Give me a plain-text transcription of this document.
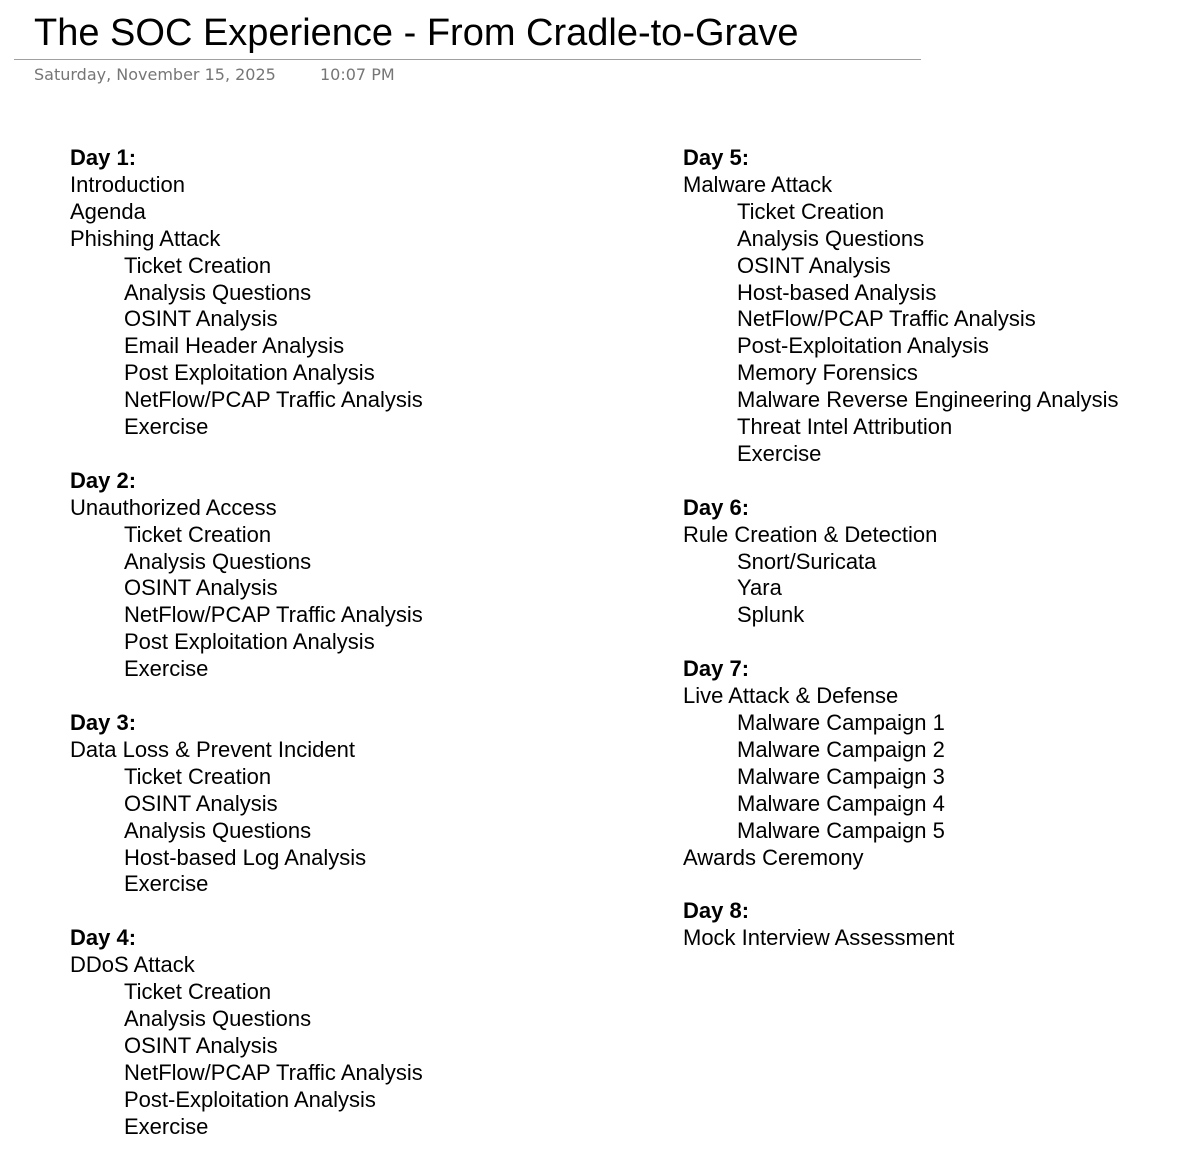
The SOC Experience - From Cradle-to-Grave
Saturday, November 15, 2025	10:07 PM
Day 1:
Introduction
Agenda
Phishing Attack
Ticket Creation
Analysis Questions
OSINT Analysis
Email Header Analysis
Post Exploitation Analysis
NetFlow/PCAP Traffic Analysis
Exercise
Day 2:
Unauthorized Access
Ticket Creation
Analysis Questions
OSINT Analysis
NetFlow/PCAP Traffic Analysis
Post Exploitation Analysis
Exercise
Day 3:
Data Loss & Prevent Incident
Ticket Creation
OSINT Analysis
Analysis Questions
Host-based Log Analysis
Exercise
Day 4:
DDoS Attack
Ticket Creation
Analysis Questions
OSINT Analysis
NetFlow/PCAP Traffic Analysis
Post-Exploitation Analysis
Exercise
Day 5:
Malware Attack
Ticket Creation
Analysis Questions
OSINT Analysis
Host-based Analysis
NetFlow/PCAP Traffic Analysis
Post-Exploitation Analysis
Memory Forensics
Malware Reverse Engineering Analysis
Threat Intel Attribution
Exercise
Day 6:
Rule Creation & Detection
Snort/Suricata
Yara
Splunk
Day 7:
Live Attack & Defense
Malware Campaign 1
Malware Campaign 2
Malware Campaign 3
Malware Campaign 4
Malware Campaign 5
Awards Ceremony
Day 8:
Mock Interview Assessment
